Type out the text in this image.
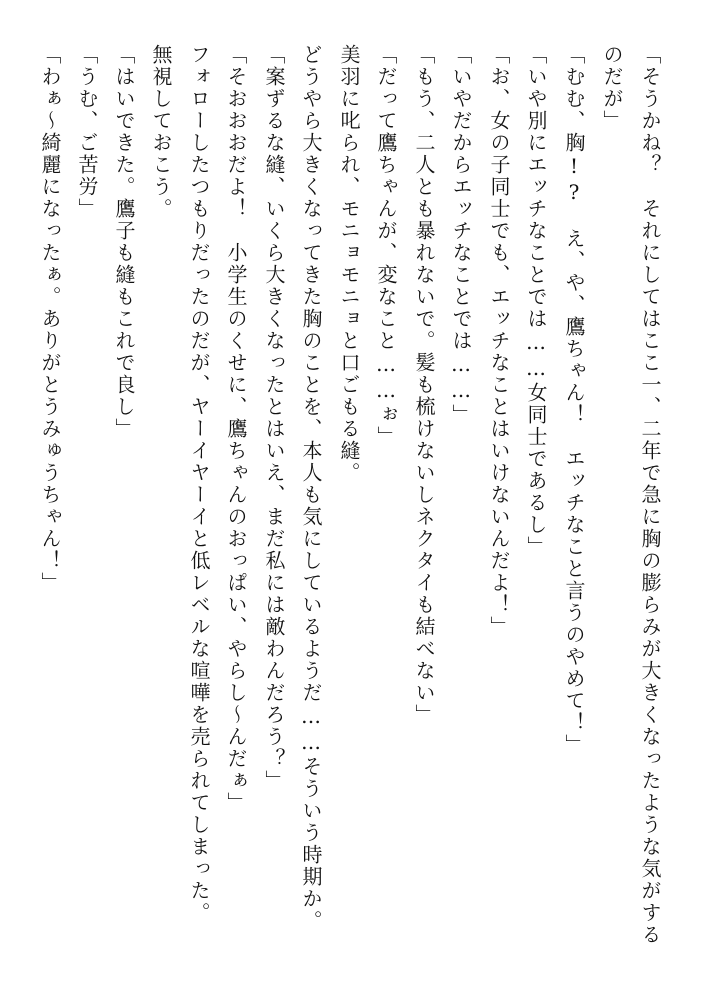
「そうかね？　それにしてはここ一、二年で急に胸の膨らみが大きくなったような気がする
のだが」
「むむ、胸!?　え、や、鷹ちゃん！　エッチなこと言うのやめて！」
「いや別にエッチなことでは……女同士であるし」
「お、女の子同士でも、エッチなことはいけないんだよ！」
「いやだからエッチなことでは……」
「もう、二人とも暴れないで。髪も梳けないしネクタイも結べない」
「だって鷹ちゃんが、変なこと……ぉ」
美羽に叱られ、モニョモニョと口ごもる縫。
どうやら大きくなってきた胸のことを、本人も気にしているようだ……そういう時期か。
「案ずるな縫、いくら大きくなったとはいえ、まだ私には敵わんだろう？」
「そおおおだよ！　小学生のくせに、鷹ちゃんのおっぱい、やらし～んだぁ」
フォローしたつもりだったのだが、ヤーイヤーイと低レベルな喧嘩を売られてしまった。
無視しておこう。
「はいできた。鷹子も縫もこれで良し」
「うむ、ご苦労」
「わぁ～綺麗になったぁ。ありがとうみゅうちゃん！」
